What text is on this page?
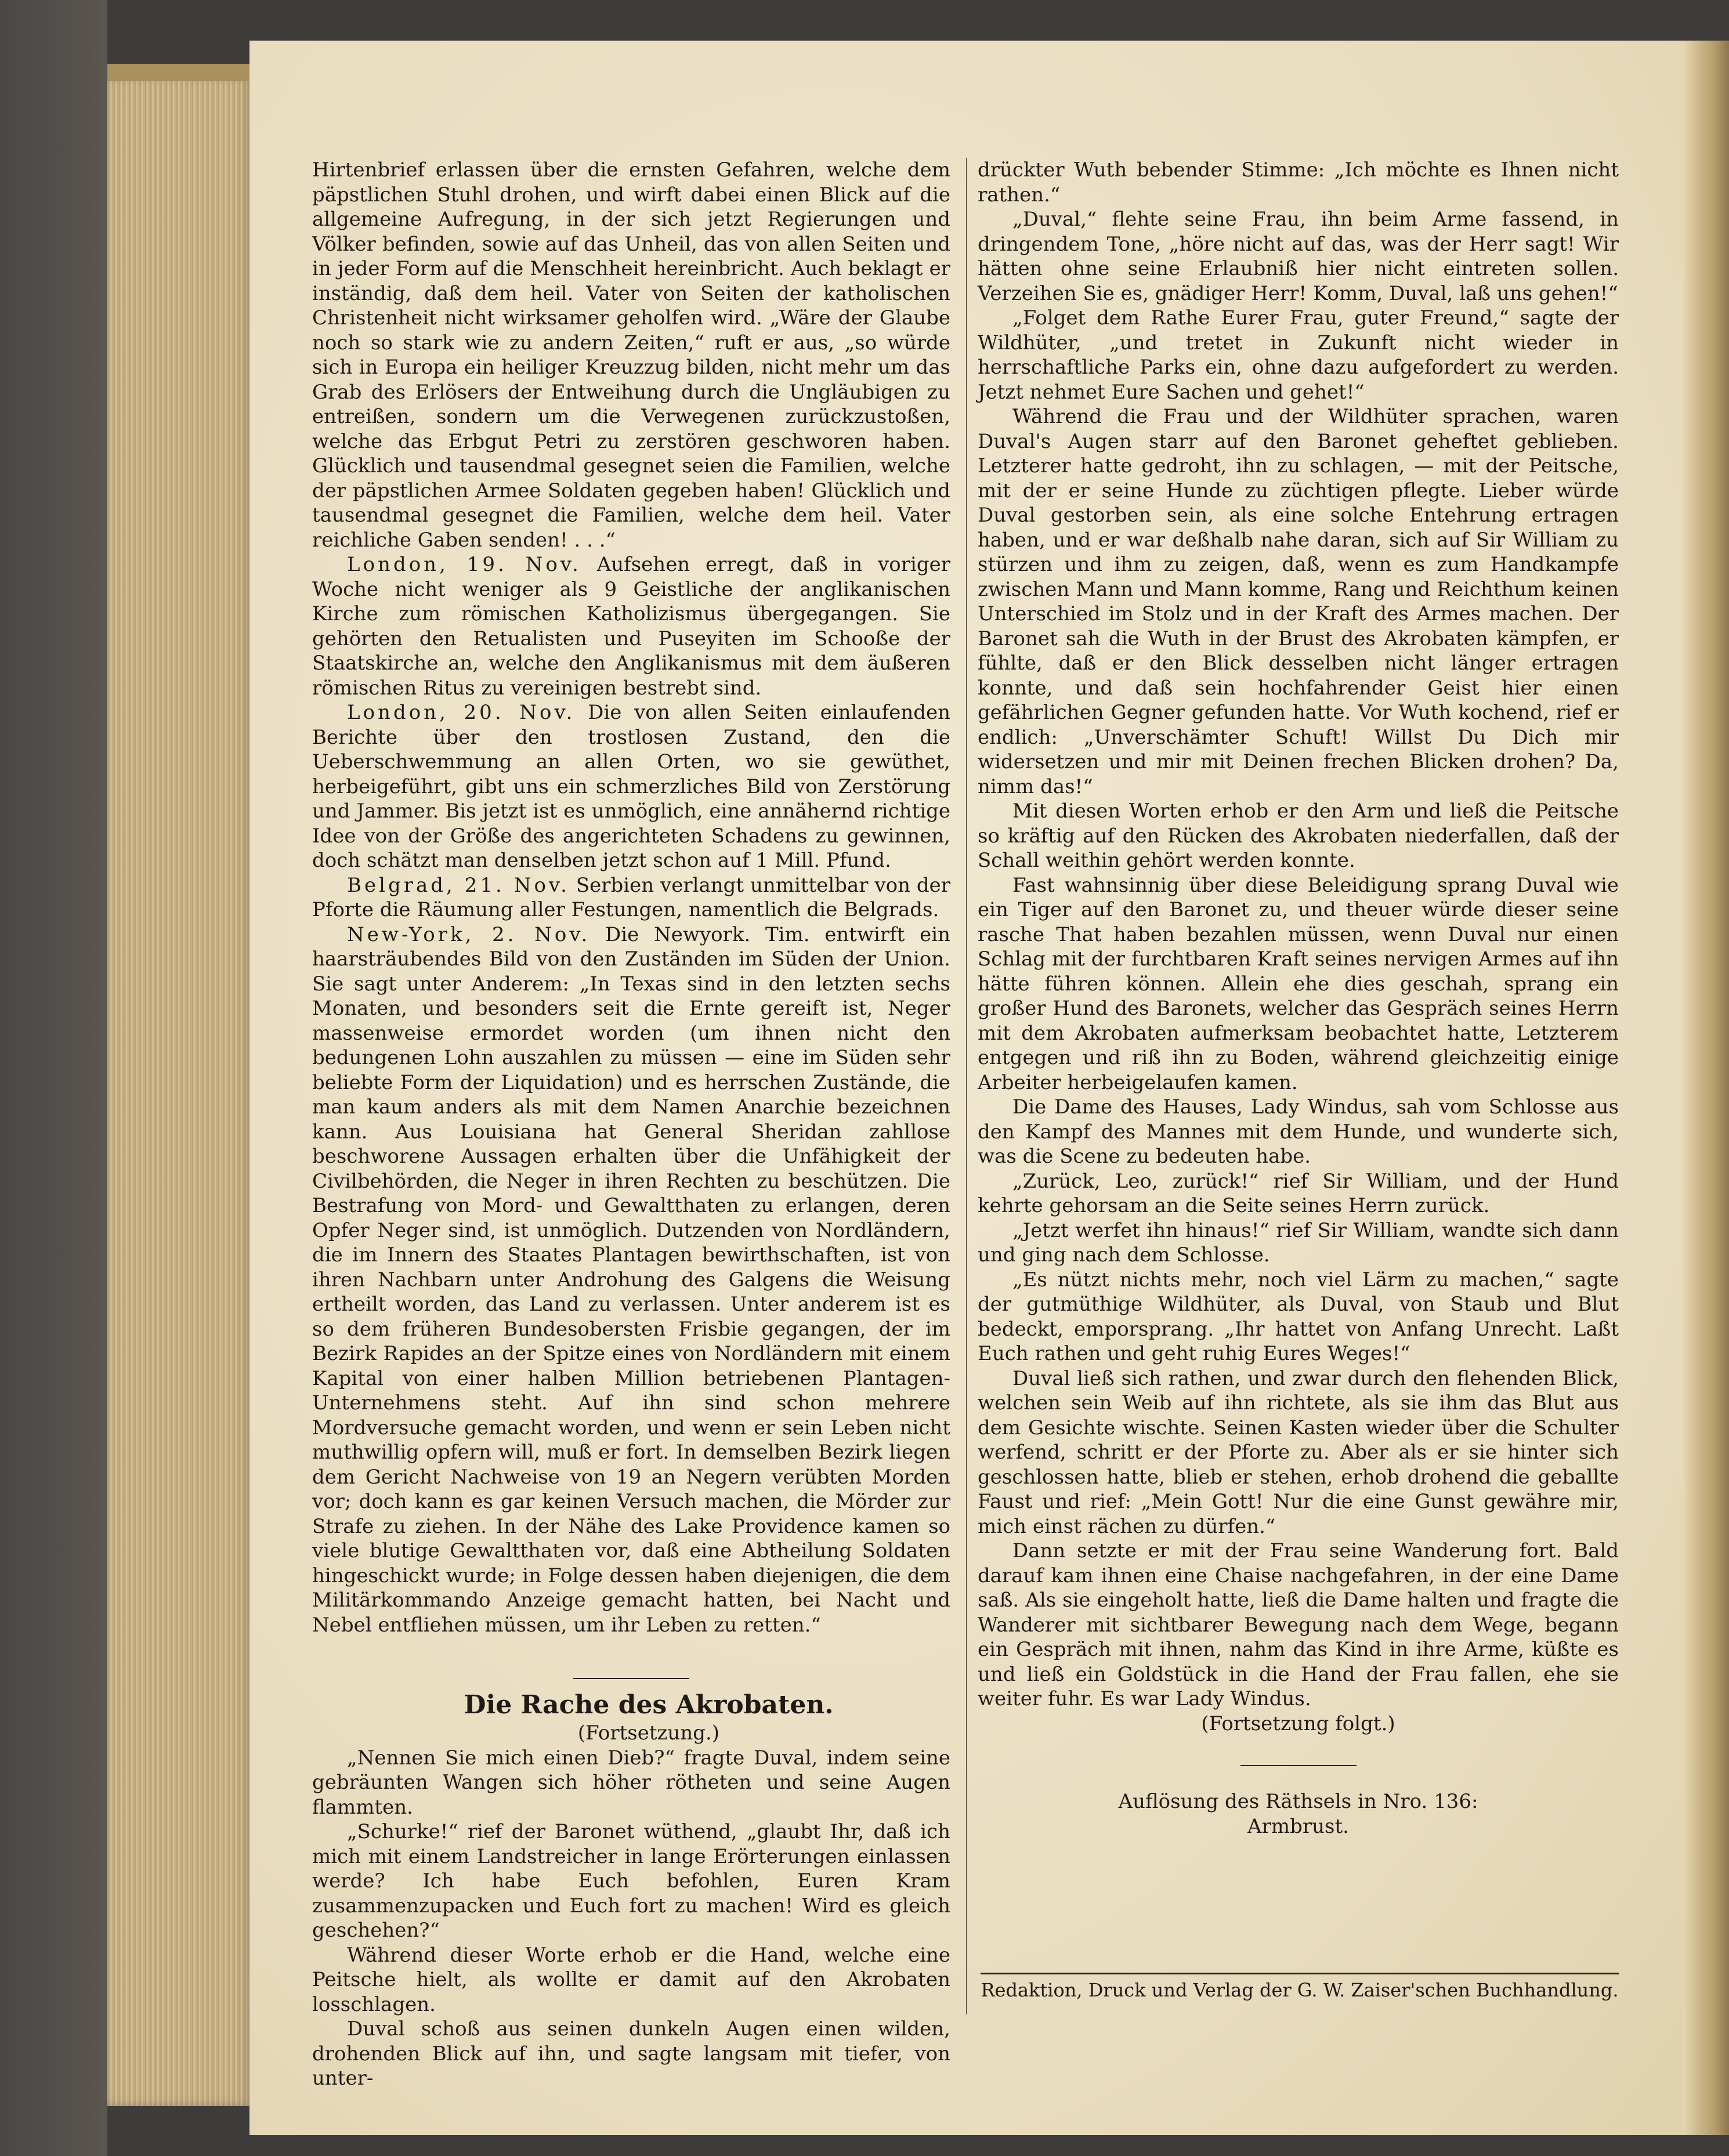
Hirtenbrief erlassen über die ernsten Gefahren, welche dem päpstlichen Stuhl drohen, und wirft dabei einen Blick auf die allgemeine Aufregung, in der sich jetzt Regierungen und Völker befinden, sowie auf das Unheil, das von allen Seiten und in jeder Form auf die Menschheit hereinbricht. Auch beklagt er inständig, daß dem heil. Vater von Seiten der katholischen Christenheit nicht wirksamer geholfen wird. „Wäre der Glaube noch so stark wie zu andern Zeiten,“ ruft er aus, „so würde sich in Europa ein heiliger Kreuzzug bilden, nicht mehr um das Grab des Erlösers der Entweihung durch die Ungläubigen zu entreißen, sondern um die Verwegenen zurückzustoßen, welche das Erbgut Petri zu zerstören geschworen haben. Glücklich und tausendmal gesegnet seien die Familien, welche der päpstlichen Armee Soldaten gegeben haben! Glücklich und tausendmal gesegnet die Familien, welche dem heil. Vater reichliche Gaben senden! . . .“

London, 19. Nov. Aufsehen erregt, daß in voriger Woche nicht weniger als 9 Geistliche der anglikanischen Kirche zum römischen Katholizismus übergegangen. Sie gehörten den Retualisten und Puseyiten im Schooße der Staatskirche an, welche den Anglikanismus mit dem äußeren römischen Ritus zu vereinigen bestrebt sind.

London, 20. Nov. Die von allen Seiten einlaufenden Berichte über den trostlosen Zustand, den die Ueberschwemmung an allen Orten, wo sie gewüthet, herbeigeführt, gibt uns ein schmerzliches Bild von Zerstörung und Jammer. Bis jetzt ist es unmöglich, eine annähernd richtige Idee von der Größe des angerichteten Schadens zu gewinnen, doch schätzt man denselben jetzt schon auf 1 Mill. Pfund.

Belgrad, 21. Nov. Serbien verlangt unmittelbar von der Pforte die Räumung aller Festungen, namentlich die Belgrads.

New-York, 2. Nov. Die Newyork. Tim. entwirft ein haarsträubendes Bild von den Zuständen im Süden der Union. Sie sagt unter Anderem: „In Texas sind in den letzten sechs Monaten, und besonders seit die Ernte gereift ist, Neger massenweise ermordet worden (um ihnen nicht den bedungenen Lohn auszahlen zu müssen — eine im Süden sehr beliebte Form der Liquidation) und es herrschen Zustände, die man kaum anders als mit dem Namen Anarchie bezeichnen kann. Aus Louisiana hat General Sheridan zahllose beschworene Aussagen erhalten über die Unfähigkeit der Civilbehörden, die Neger in ihren Rechten zu beschützen. Die Bestrafung von Mord- und Gewaltthaten zu erlangen, deren Opfer Neger sind, ist unmöglich. Dutzenden von Nordländern, die im Innern des Staates Plantagen bewirthschaften, ist von ihren Nachbarn unter Androhung des Galgens die Weisung ertheilt worden, das Land zu verlassen. Unter anderem ist es so dem früheren Bundesobersten Frisbie gegangen, der im Bezirk Rapides an der Spitze eines von Nordländern mit einem Kapital von einer halben Million betriebenen Plantagen-Unternehmens steht. Auf ihn sind schon mehrere Mordversuche gemacht worden, und wenn er sein Leben nicht muthwillig opfern will, muß er fort. In demselben Bezirk liegen dem Gericht Nachweise von 19 an Negern verübten Morden vor; doch kann es gar keinen Versuch machen, die Mörder zur Strafe zu ziehen. In der Nähe des Lake Providence kamen so viele blutige Gewaltthaten vor, daß eine Abtheilung Soldaten hingeschickt wurde; in Folge dessen haben diejenigen, die dem Militärkommando Anzeige gemacht hatten, bei Nacht und Nebel entfliehen müssen, um ihr Leben zu retten.“

Die Rache des Akrobaten.

(Fortsetzung.)

„Nennen Sie mich einen Dieb?“ fragte Duval, indem seine gebräunten Wangen sich höher rötheten und seine Augen flammten.

„Schurke!“ rief der Baronet wüthend, „glaubt Ihr, daß ich mich mit einem Landstreicher in lange Erörterungen einlassen werde? Ich habe Euch befohlen, Euren Kram zusammenzupacken und Euch fort zu machen! Wird es gleich geschehen?“

Während dieser Worte erhob er die Hand, welche eine Peitsche hielt, als wollte er damit auf den Akrobaten losschlagen.

Duval schoß aus seinen dunkeln Augen einen wilden, drohenden Blick auf ihn, und sagte langsam mit tiefer, von unter-

drückter Wuth bebender Stimme: „Ich möchte es Ihnen nicht rathen.“

„Duval,“ flehte seine Frau, ihn beim Arme fassend, in dringendem Tone, „höre nicht auf das, was der Herr sagt! Wir hätten ohne seine Erlaubniß hier nicht eintreten sollen. Verzeihen Sie es, gnädiger Herr! Komm, Duval, laß uns gehen!“

„Folget dem Rathe Eurer Frau, guter Freund,“ sagte der Wildhüter, „und tretet in Zukunft nicht wieder in herrschaftliche Parks ein, ohne dazu aufgefordert zu werden. Jetzt nehmet Eure Sachen und gehet!“

Während die Frau und der Wildhüter sprachen, waren Duval's Augen starr auf den Baronet geheftet geblieben. Letzterer hatte gedroht, ihn zu schlagen, — mit der Peitsche, mit der er seine Hunde zu züchtigen pflegte. Lieber würde Duval gestorben sein, als eine solche Entehrung ertragen haben, und er war deßhalb nahe daran, sich auf Sir William zu stürzen und ihm zu zeigen, daß, wenn es zum Handkampfe zwischen Mann und Mann komme, Rang und Reichthum keinen Unterschied im Stolz und in der Kraft des Armes machen. Der Baronet sah die Wuth in der Brust des Akrobaten kämpfen, er fühlte, daß er den Blick desselben nicht länger ertragen konnte, und daß sein hochfahrender Geist hier einen gefährlichen Gegner gefunden hatte. Vor Wuth kochend, rief er endlich: „Unverschämter Schuft! Willst Du Dich mir widersetzen und mir mit Deinen frechen Blicken drohen? Da, nimm das!“

Mit diesen Worten erhob er den Arm und ließ die Peitsche so kräftig auf den Rücken des Akrobaten niederfallen, daß der Schall weithin gehört werden konnte.

Fast wahnsinnig über diese Beleidigung sprang Duval wie ein Tiger auf den Baronet zu, und theuer würde dieser seine rasche That haben bezahlen müssen, wenn Duval nur einen Schlag mit der furchtbaren Kraft seines nervigen Armes auf ihn hätte führen können. Allein ehe dies geschah, sprang ein großer Hund des Baronets, welcher das Gespräch seines Herrn mit dem Akrobaten aufmerksam beobachtet hatte, Letzterem entgegen und riß ihn zu Boden, während gleichzeitig einige Arbeiter herbeigelaufen kamen.

Die Dame des Hauses, Lady Windus, sah vom Schlosse aus den Kampf des Mannes mit dem Hunde, und wunderte sich, was die Scene zu bedeuten habe.

„Zurück, Leo, zurück!“ rief Sir William, und der Hund kehrte gehorsam an die Seite seines Herrn zurück.

„Jetzt werfet ihn hinaus!“ rief Sir William, wandte sich dann und ging nach dem Schlosse.

„Es nützt nichts mehr, noch viel Lärm zu machen,“ sagte der gutmüthige Wildhüter, als Duval, von Staub und Blut bedeckt, emporsprang. „Ihr hattet von Anfang Unrecht. Laßt Euch rathen und geht ruhig Eures Weges!“

Duval ließ sich rathen, und zwar durch den flehenden Blick, welchen sein Weib auf ihn richtete, als sie ihm das Blut aus dem Gesichte wischte. Seinen Kasten wieder über die Schulter werfend, schritt er der Pforte zu. Aber als er sie hinter sich geschlossen hatte, blieb er stehen, erhob drohend die geballte Faust und rief: „Mein Gott! Nur die eine Gunst gewähre mir, mich einst rächen zu dürfen.“

Dann setzte er mit der Frau seine Wanderung fort. Bald darauf kam ihnen eine Chaise nachgefahren, in der eine Dame saß. Als sie eingeholt hatte, ließ die Dame halten und fragte die Wanderer mit sichtbarer Bewegung nach dem Wege, begann ein Gespräch mit ihnen, nahm das Kind in ihre Arme, küßte es und ließ ein Goldstück in die Hand der Frau fallen, ehe sie weiter fuhr. Es war Lady Windus.

(Fortsetzung folgt.)

Auflösung des Räthsels in Nro. 136:

Armbrust.

Redaktion, Druck und Verlag der G. W. Zaiser'schen Buchhandlung.
